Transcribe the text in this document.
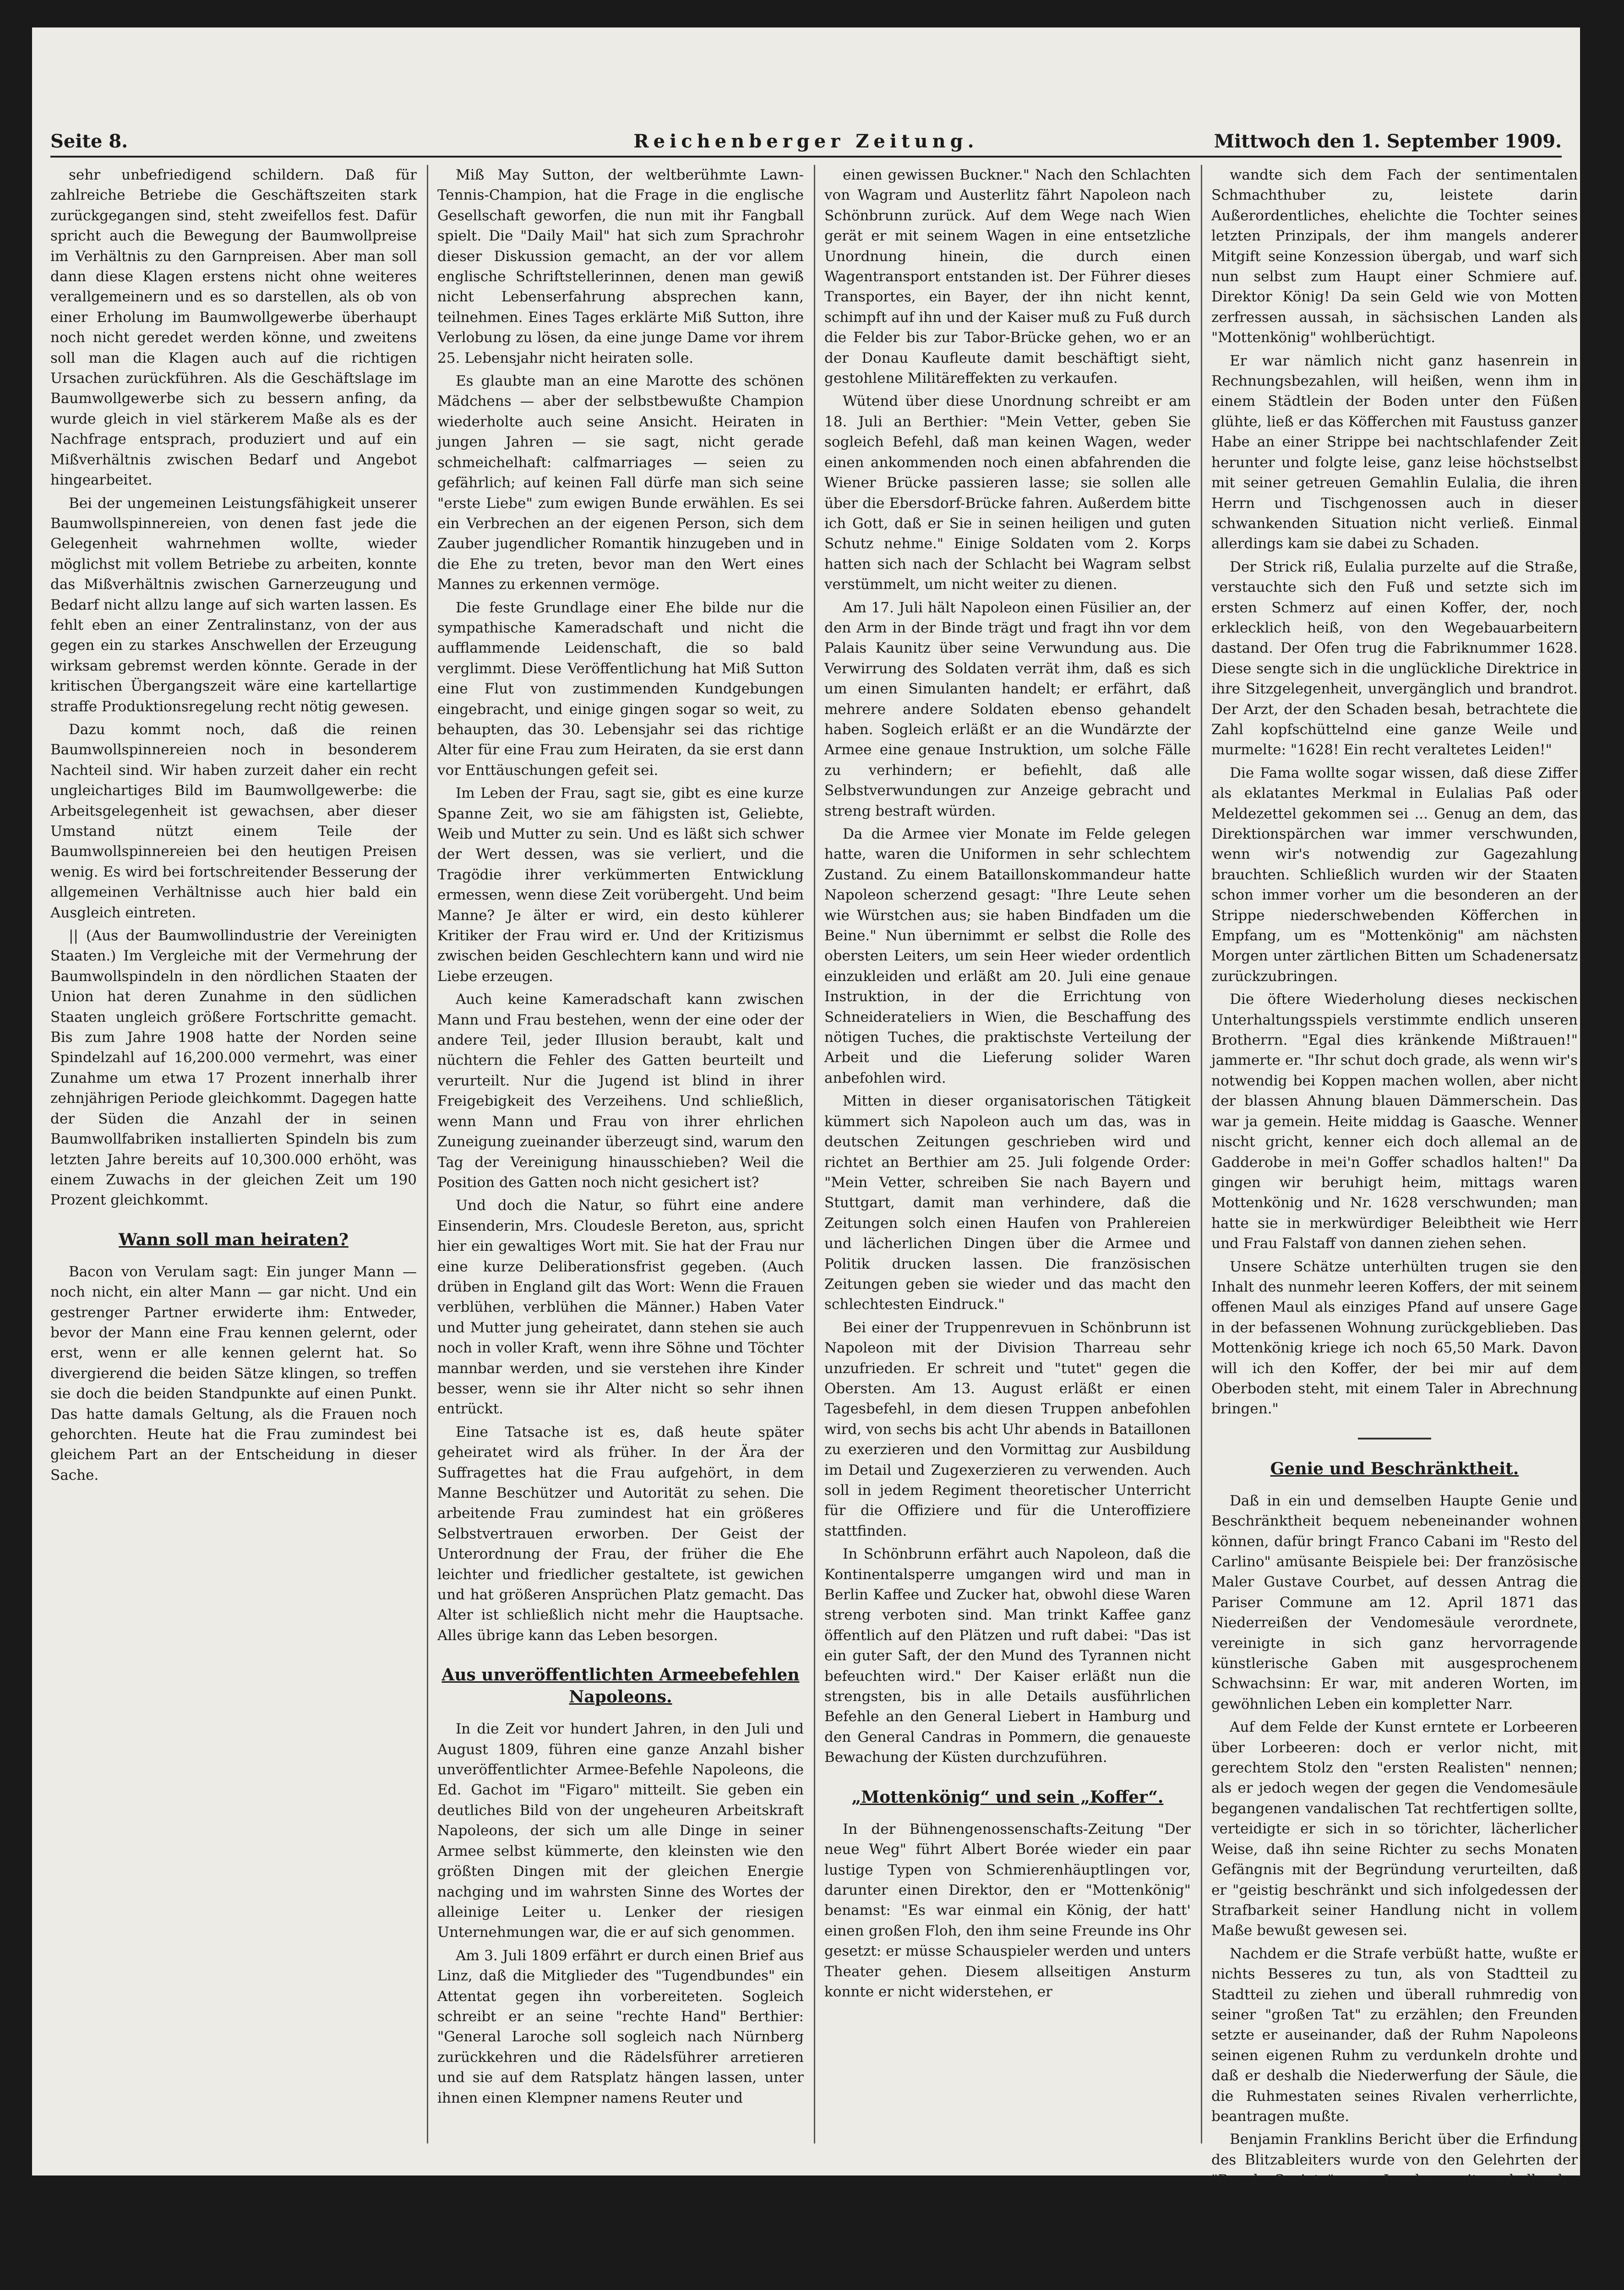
Seite 8.	Reichenberger Zeitung.	Mittwoch den 1. September 1909.

sehr unbefriedigend schildern. Daß für zahlreiche Betriebe die Geschäftszeiten stark zurückgegangen sind, steht zweifellos fest. Dafür spricht auch die Bewegung der Baumwollpreise im Verhältnis zu den Garnpreisen. Aber man soll dann diese Klagen erstens nicht ohne weiteres verallgemeinern und es so darstellen, als ob von einer Erholung im Baumwollgewerbe überhaupt noch nicht geredet werden könne, und zweitens soll man die Klagen auch auf die richtigen Ursachen zurückführen. Als die Geschäftslage im Baumwollgewerbe sich zu bessern anfing, da wurde gleich in viel stärkerem Maße als es der Nachfrage entsprach, produziert und auf ein Mißverhältnis zwischen Bedarf und Angebot hingearbeitet.

Bei der ungemeinen Leistungsfähigkeit unserer Baumwollspinnereien, von denen fast jede die Gelegenheit wahrnehmen wollte, wieder möglichst mit vollem Betriebe zu arbeiten, konnte das Mißverhältnis zwischen Garnerzeugung und Bedarf nicht allzu lange auf sich warten lassen. Es fehlt eben an einer Zentralinstanz, von der aus gegen ein zu starkes Anschwellen der Erzeugung wirksam gebremst werden könnte. Gerade in der kritischen Übergangszeit wäre eine kartellartige straffe Produktionsregelung recht nötig gewesen.

Dazu kommt noch, daß die reinen Baumwollspinnereien noch in besonderem Nachteil sind. Wir haben zurzeit daher ein recht ungleichartiges Bild im Baumwollgewerbe: die Arbeitsgelegenheit ist gewachsen, aber dieser Umstand nützt einem Teile der Baumwollspinnereien bei den heutigen Preisen wenig. Es wird bei fortschreitender Besserung der allgemeinen Verhältnisse auch hier bald ein Ausgleich eintreten.

|| (Aus der Baumwollindustrie der Vereinigten Staaten.) Im Vergleiche mit der Vermehrung der Baumwollspindeln in den nördlichen Staaten der Union hat deren Zunahme in den südlichen Staaten ungleich größere Fortschritte gemacht. Bis zum Jahre 1908 hatte der Norden seine Spindelzahl auf 16,200.000 vermehrt, was einer Zunahme um etwa 17 Prozent innerhalb ihrer zehnjährigen Periode gleichkommt. Dagegen hatte der Süden die Anzahl der in seinen Baumwollfabriken installierten Spindeln bis zum letzten Jahre bereits auf 10,300.000 erhöht, was einem Zuwachs in der gleichen Zeit um 190 Prozent gleichkommt.

Wann soll man heiraten?

Bacon von Verulam sagt: Ein junger Mann — noch nicht, ein alter Mann — gar nicht. Und ein gestrenger Partner erwiderte ihm: Entweder, bevor der Mann eine Frau kennen gelernt, oder erst, wenn er alle kennen gelernt hat. So divergierend die beiden Sätze klingen, so treffen sie doch die beiden Standpunkte auf einen Punkt. Das hatte damals Geltung, als die Frauen noch gehorchten. Heute hat die Frau zumindest bei gleichem Part an der Entscheidung in dieser Sache.

Miß May Sutton, der weltberühmte Lawn-Tennis-Champion, hat die Frage in die englische Gesellschaft geworfen, die nun mit ihr Fangball spielt. Die "Daily Mail" hat sich zum Sprachrohr dieser Diskussion gemacht, an der vor allem englische Schriftstellerinnen, denen man gewiß nicht Lebenserfahrung absprechen kann, teilnehmen. Eines Tages erklärte Miß Sutton, ihre Verlobung zu lösen, da eine junge Dame vor ihrem 25. Lebensjahr nicht heiraten solle.

Es glaubte man an eine Marotte des schönen Mädchens — aber der selbstbewußte Champion wiederholte auch seine Ansicht. Heiraten in jungen Jahren — sie sagt, nicht gerade schmeichelhaft: calfmarriages — seien zu gefährlich; auf keinen Fall dürfe man sich seine "erste Liebe" zum ewigen Bunde erwählen. Es sei ein Verbrechen an der eigenen Person, sich dem Zauber jugendlicher Romantik hinzugeben und in die Ehe zu treten, bevor man den Wert eines Mannes zu erkennen vermöge.

Die feste Grundlage einer Ehe bilde nur die sympathische Kameradschaft und nicht die aufflammende Leidenschaft, die so bald verglimmt. Diese Veröffentlichung hat Miß Sutton eine Flut von zustimmenden Kundgebungen eingebracht, und einige gingen sogar so weit, zu behaupten, das 30. Lebensjahr sei das richtige Alter für eine Frau zum Heiraten, da sie erst dann vor Enttäuschungen gefeit sei.

Im Leben der Frau, sagt sie, gibt es eine kurze Spanne Zeit, wo sie am fähigsten ist, Geliebte, Weib und Mutter zu sein. Und es läßt sich schwer der Wert dessen, was sie verliert, und die Tragödie ihrer verkümmerten Entwicklung ermessen, wenn diese Zeit vorübergeht. Und beim Manne? Je älter er wird, ein desto kühlerer Kritiker der Frau wird er. Und der Kritizismus zwischen beiden Geschlechtern kann und wird nie Liebe erzeugen.

Auch keine Kameradschaft kann zwischen Mann und Frau bestehen, wenn der eine oder der andere Teil, jeder Illusion beraubt, kalt und nüchtern die Fehler des Gatten beurteilt und verurteilt. Nur die Jugend ist blind in ihrer Freigebigkeit des Verzeihens. Und schließlich, wenn Mann und Frau von ihrer ehrlichen Zuneigung zueinander überzeugt sind, warum den Tag der Vereinigung hinausschieben? Weil die Position des Gatten noch nicht gesichert ist?

Und doch die Natur, so führt eine andere Einsenderin, Mrs. Cloudesle Bereton, aus, spricht hier ein gewaltiges Wort mit. Sie hat der Frau nur eine kurze Deliberationsfrist gegeben. (Auch drüben in England gilt das Wort: Wenn die Frauen verblühen, verblühen die Männer.) Haben Vater und Mutter jung geheiratet, dann stehen sie auch noch in voller Kraft, wenn ihre Söhne und Töchter mannbar werden, und sie verstehen ihre Kinder besser, wenn sie ihr Alter nicht so sehr ihnen entrückt.

Eine Tatsache ist es, daß heute später geheiratet wird als früher. In der Ära der Suffragettes hat die Frau aufgehört, in dem Manne Beschützer und Autorität zu sehen. Die arbeitende Frau zumindest hat ein größeres Selbstvertrauen erworben. Der Geist der Unterordnung der Frau, der früher die Ehe leichter und friedlicher gestaltete, ist gewichen und hat größeren Ansprüchen Platz gemacht. Das Alter ist schließlich nicht mehr die Hauptsache. Alles übrige kann das Leben besorgen.

Aus unveröffentlichten Armeebefehlen Napoleons.

In die Zeit vor hundert Jahren, in den Juli und August 1809, führen eine ganze Anzahl bisher unveröffentlichter Armee-Befehle Napoleons, die Ed. Gachot im "Figaro" mitteilt. Sie geben ein deutliches Bild von der ungeheuren Arbeitskraft Napoleons, der sich um alle Dinge in seiner Armee selbst kümmerte, den kleinsten wie den größten Dingen mit der gleichen Energie nachging und im wahrsten Sinne des Wortes der alleinige Leiter u. Lenker der riesigen Unternehmungen war, die er auf sich genommen.

Am 3. Juli 1809 erfährt er durch einen Brief aus Linz, daß die Mitglieder des "Tugendbundes" ein Attentat gegen ihn vorbereiteten. Sogleich schreibt er an seine "rechte Hand" Berthier: "General Laroche soll sogleich nach Nürnberg zurückkehren und die Rädelsführer arretieren und sie auf dem Ratsplatz hängen lassen, unter ihnen einen Klempner namens Reuter und

einen gewissen Buckner." Nach den Schlachten von Wagram und Austerlitz fährt Napoleon nach Schönbrunn zurück. Auf dem Wege nach Wien gerät er mit seinem Wagen in eine entsetzliche Unordnung hinein, die durch einen Wagentransport entstanden ist. Der Führer dieses Transportes, ein Bayer, der ihn nicht kennt, schimpft auf ihn und der Kaiser muß zu Fuß durch die Felder bis zur Tabor-Brücke gehen, wo er an der Donau Kaufleute damit beschäftigt sieht, gestohlene Militäreffekten zu verkaufen.

Wütend über diese Unordnung schreibt er am 18. Juli an Berthier: "Mein Vetter, geben Sie sogleich Befehl, daß man keinen Wagen, weder einen ankommenden noch einen abfahrenden die Wiener Brücke passieren lasse; sie sollen alle über die Ebersdorf-Brücke fahren. Außerdem bitte ich Gott, daß er Sie in seinen heiligen und guten Schutz nehme." Einige Soldaten vom 2. Korps hatten sich nach der Schlacht bei Wagram selbst verstümmelt, um nicht weiter zu dienen.

Am 17. Juli hält Napoleon einen Füsilier an, der den Arm in der Binde trägt und fragt ihn vor dem Palais Kaunitz über seine Verwundung aus. Die Verwirrung des Soldaten verrät ihm, daß es sich um einen Simulanten handelt; er erfährt, daß mehrere andere Soldaten ebenso gehandelt haben. Sogleich erläßt er an die Wundärzte der Armee eine genaue Instruktion, um solche Fälle zu verhindern; er befiehlt, daß alle Selbstverwundungen zur Anzeige gebracht und streng bestraft würden.

Da die Armee vier Monate im Felde gelegen hatte, waren die Uniformen in sehr schlechtem Zustand. Zu einem Bataillonskommandeur hatte Napoleon scherzend gesagt: "Ihre Leute sehen wie Würstchen aus; sie haben Bindfaden um die Beine." Nun übernimmt er selbst die Rolle des obersten Leiters, um sein Heer wieder ordentlich einzukleiden und erläßt am 20. Juli eine genaue Instruktion, in der die Errichtung von Schneiderateliers in Wien, die Beschaffung des nötigen Tuches, die praktischste Verteilung der Arbeit und die Lieferung solider Waren anbefohlen wird.

Mitten in dieser organisatorischen Tätigkeit kümmert sich Napoleon auch um das, was in deutschen Zeitungen geschrieben wird und richtet an Berthier am 25. Juli folgende Order: "Mein Vetter, schreiben Sie nach Bayern und Stuttgart, damit man verhindere, daß die Zeitungen solch einen Haufen von Prahlereien und lächerlichen Dingen über die Armee und Politik drucken lassen. Die französischen Zeitungen geben sie wieder und das macht den schlechtesten Eindruck."

Bei einer der Truppenrevuen in Schönbrunn ist Napoleon mit der Division Tharreau sehr unzufrieden. Er schreit und "tutet" gegen die Obersten. Am 13. August erläßt er einen Tagesbefehl, in dem diesen Truppen anbefohlen wird, von sechs bis acht Uhr abends in Bataillonen zu exerzieren und den Vormittag zur Ausbildung im Detail und Zugexerzieren zu verwenden. Auch soll in jedem Regiment theoretischer Unterricht für die Offiziere und für die Unteroffiziere stattfinden.

In Schönbrunn erfährt auch Napoleon, daß die Kontinentalsperre umgangen wird und man in Berlin Kaffee und Zucker hat, obwohl diese Waren streng verboten sind. Man trinkt Kaffee ganz öffentlich auf den Plätzen und ruft dabei: "Das ist ein guter Saft, der den Mund des Tyrannen nicht befeuchten wird." Der Kaiser erläßt nun die strengsten, bis in alle Details ausführlichen Befehle an den General Liebert in Hamburg und den General Candras in Pommern, die genaueste Bewachung der Küsten durchzuführen.

„Mottenkönig“ und sein „Koffer“.

In der Bühnengenossenschafts-Zeitung "Der neue Weg" führt Albert Borée wieder ein paar lustige Typen von Schmierenhäuptlingen vor, darunter einen Direktor, den er "Mottenkönig" benamst: "Es war einmal ein König, der hatt' einen großen Floh, den ihm seine Freunde ins Ohr gesetzt: er müsse Schauspieler werden und unters Theater gehen. Diesem allseitigen Ansturm konnte er nicht widerstehen, er

wandte sich dem Fach der sentimentalen Schmachthuber zu, leistete darin Außerordentliches, ehelichte die Tochter seines letzten Prinzipals, der ihm mangels anderer Mitgift seine Konzession übergab, und warf sich nun selbst zum Haupt einer Schmiere auf. Direktor König! Da sein Geld wie von Motten zerfressen aussah, in sächsischen Landen als "Mottenkönig" wohlberüchtigt.

Er war nämlich nicht ganz hasenrein in Rechnungsbezahlen, will heißen, wenn ihm in einem Städtlein der Boden unter den Füßen glühte, ließ er das Köfferchen mit Faustuss ganzer Habe an einer Strippe bei nachtschlafender Zeit herunter und folgte leise, ganz leise höchstselbst mit seiner getreuen Gemahlin Eulalia, die ihren Herrn und Tischgenossen auch in dieser schwankenden Situation nicht verließ. Einmal allerdings kam sie dabei zu Schaden.

Der Strick riß, Eulalia purzelte auf die Straße, verstauchte sich den Fuß und setzte sich im ersten Schmerz auf einen Koffer, der, noch erklecklich heiß, von den Wegebauarbeitern dastand. Der Ofen trug die Fabriknummer 1628. Diese sengte sich in die unglückliche Direktrice in ihre Sitzgelegenheit, unvergänglich und brandrot. Der Arzt, der den Schaden besah, betrachtete die Zahl kopfschüttelnd eine ganze Weile und murmelte: "1628! Ein recht veraltetes Leiden!"

Die Fama wollte sogar wissen, daß diese Ziffer als eklatantes Merkmal in Eulalias Paß oder Meldezettel gekommen sei ... Genug an dem, das Direktionspärchen war immer verschwunden, wenn wir's notwendig zur Gagezahlung brauchten. Schließlich wurden wir der Staaten schon immer vorher um die besonderen an der Strippe niederschwebenden Köfferchen in Empfang, um es "Mottenkönig" am nächsten Morgen unter zärtlichen Bitten um Schadenersatz zurückzubringen.

Die öftere Wiederholung dieses neckischen Unterhaltungsspiels verstimmte endlich unseren Brotherrn. "Egal dies kränkende Mißtrauen!" jammerte er. "Ihr schut doch grade, als wenn wir's notwendig bei Koppen machen wollen, aber nicht der blassen Ahnung blauen Dämmerschein. Das war ja gemein. Heite middag is Gaasche. Wenner nischt gricht, kenner eich doch allemal an de Gadderobe in mei'n Goffer schadlos halten!" Da gingen wir beruhigt heim, mittags waren Mottenkönig und Nr. 1628 verschwunden; man hatte sie in merkwürdiger Beleibtheit wie Herr und Frau Falstaff von dannen ziehen sehen.

Unsere Schätze unterhülten trugen sie den Inhalt des nunmehr leeren Koffers, der mit seinem offenen Maul als einziges Pfand auf unsere Gage in der befassenen Wohnung zurückgeblieben. Das Mottenkönig kriege ich noch 65,50 Mark. Davon will ich den Koffer, der bei mir auf dem Oberboden steht, mit einem Taler in Abrechnung bringen."

Genie und Beschränktheit.

Daß in ein und demselben Haupte Genie und Beschränktheit bequem nebeneinander wohnen können, dafür bringt Franco Cabani im "Resto del Carlino" amüsante Beispiele bei: Der französische Maler Gustave Courbet, auf dessen Antrag die Pariser Commune am 12. April 1871 das Niederreißen der Vendomesäule verordnete, vereinigte in sich ganz hervorragende künstlerische Gaben mit ausgesprochenem Schwachsinn: Er war, mit anderen Worten, im gewöhnlichen Leben ein kompletter Narr.

Auf dem Felde der Kunst erntete er Lorbeeren über Lorbeeren: doch er verlor nicht, mit gerechtem Stolz den "ersten Realisten" nennen; als er jedoch wegen der gegen die Vendomesäule begangenen vandalischen Tat rechtfertigen sollte, verteidigte er sich in so törichter, lächerlicher Weise, daß ihn seine Richter zu sechs Monaten Gefängnis mit der Begründung verurteilten, daß er "geistig beschränkt und sich infolgedessen der Strafbarkeit seiner Handlung nicht in vollem Maße bewußt gewesen sei.

Nachdem er die Strafe verbüßt hatte, wußte er nichts Besseres zu tun, als von Stadtteil zu Stadtteil zu ziehen und überall ruhmredig von seiner "großen Tat" zu erzählen; den Freunden setzte er auseinander, daß der Ruhm Napoleons seinen eigenen Ruhm zu verdunkeln drohte und daß er deshalb die Niederwerfung der Säule, die die Ruhmestaten seines Rivalen verherrlichte, beantragen mußte.

Benjamin Franklins Bericht über die Erfindung des Blitzableiters wurde von den Gelehrten der "Royal Society" zu London mit schallender Heiterkeit aufgenommen: man erklärte die ganze Geschichte für amerikanischen Humbug und ging zur Tagesordnung über. — Le Borne, den die Franzosen für den Erfinder der Gasbeleuchtung halten (in Wirklichkeit ist er es, nebenbei
